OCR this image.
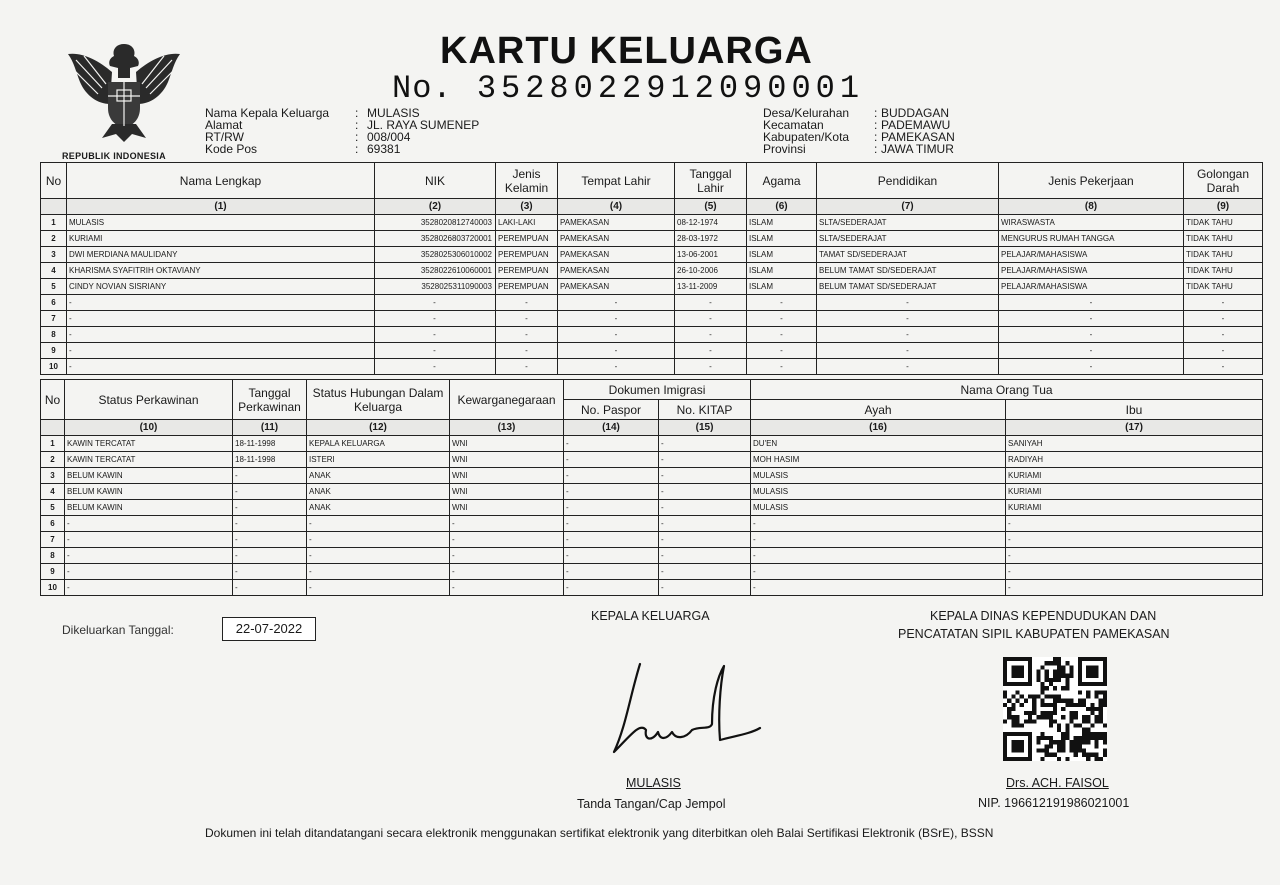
REPUBLIK INDONESIA
KARTU KELUARGA
No. 3528022912090001
Nama Kepala Keluarga	: MULASIS
Alamat	: JL. RAYA SUMENEP
RT/RW	: 008/004
Kode Pos	: 69381
Desa/Kelurahan	: BUDDAGAN
Kecamatan	: PADEMAWU
Kabupaten/Kota	: PAMEKASAN
Provinsi	: JAWA TIMUR
No	Nama Lengkap	NIK	Jenis Kelamin	Tempat Lahir	Tanggal Lahir	Agama	Pendidikan	Jenis Pekerjaan	Golongan Darah
	(1)	(2)	(3)	(4)	(5)	(6)	(7)	(8)	(9)
1	MULASIS	3528020812740003	LAKI-LAKI	PAMEKASAN	08-12-1974	ISLAM	SLTA/SEDERAJAT	WIRASWASTA	TIDAK TAHU
2	KURIAMI	3528026803720001	PEREMPUAN	PAMEKASAN	28-03-1972	ISLAM	SLTA/SEDERAJAT	MENGURUS RUMAH TANGGA	TIDAK TAHU
3	DWI MERDIANA MAULIDANY	3528025306010002	PEREMPUAN	PAMEKASAN	13-06-2001	ISLAM	TAMAT SD/SEDERAJAT	PELAJAR/MAHASISWA	TIDAK TAHU
4	KHARISMA SYAFITRIH OKTAVIANY	3528022610060001	PEREMPUAN	PAMEKASAN	26-10-2006	ISLAM	BELUM TAMAT SD/SEDERAJAT	PELAJAR/MAHASISWA	TIDAK TAHU
5	CINDY NOVIAN SISRIANY	3528025311090003	PEREMPUAN	PAMEKASAN	13-11-2009	ISLAM	BELUM TAMAT SD/SEDERAJAT	PELAJAR/MAHASISWA	TIDAK TAHU
6	-	-	-	-	-	-	-	-	-
7	-	-	-	-	-	-	-	-	-
8	-	-	-	-	-	-	-	-	-
9	-	-	-	-	-	-	-	-	-
10	-	-	-	-	-	-	-	-	-
No	Status Perkawinan	Tanggal Perkawinan	Status Hubungan Dalam Keluarga	Kewarganegaraan	Dokumen Imigrasi		Nama Orang Tua	
					No. Paspor	No. KITAP	Ayah	Ibu
	(10)	(11)	(12)	(13)	(14)	(15)	(16)	(17)
1	KAWIN TERCATAT	18-11-1998	KEPALA KELUARGA	WNI	-	-	DU'EN	SANIYAH
2	KAWIN TERCATAT	18-11-1998	ISTERI	WNI	-	-	MOH HASIM	RADIYAH
3	BELUM KAWIN	-	ANAK	WNI	-	-	MULASIS	KURIAMI
4	BELUM KAWIN	-	ANAK	WNI	-	-	MULASIS	KURIAMI
5	BELUM KAWIN	-	ANAK	WNI	-	-	MULASIS	KURIAMI
6	-	-	-	-	-	-	-	-
7	-	-	-	-	-	-	-	-
8	-	-	-	-	-	-	-	-
9	-	-	-	-	-	-	-	-
10	-	-	-	-	-	-	-	-
Dikeluarkan Tanggal:	22-07-2022
KEPALA KELUARGA
MULASIS
Tanda Tangan/Cap Jempol
KEPALA DINAS KEPENDUDUKAN DAN
PENCATATAN SIPIL KABUPATEN PAMEKASAN
Drs. ACH. FAISOL
NIP. 196612191986021001
Dokumen ini telah ditandatangani secara elektronik menggunakan sertifikat elektronik yang diterbitkan oleh Balai Sertifikasi Elektronik (BSrE), BSSN
